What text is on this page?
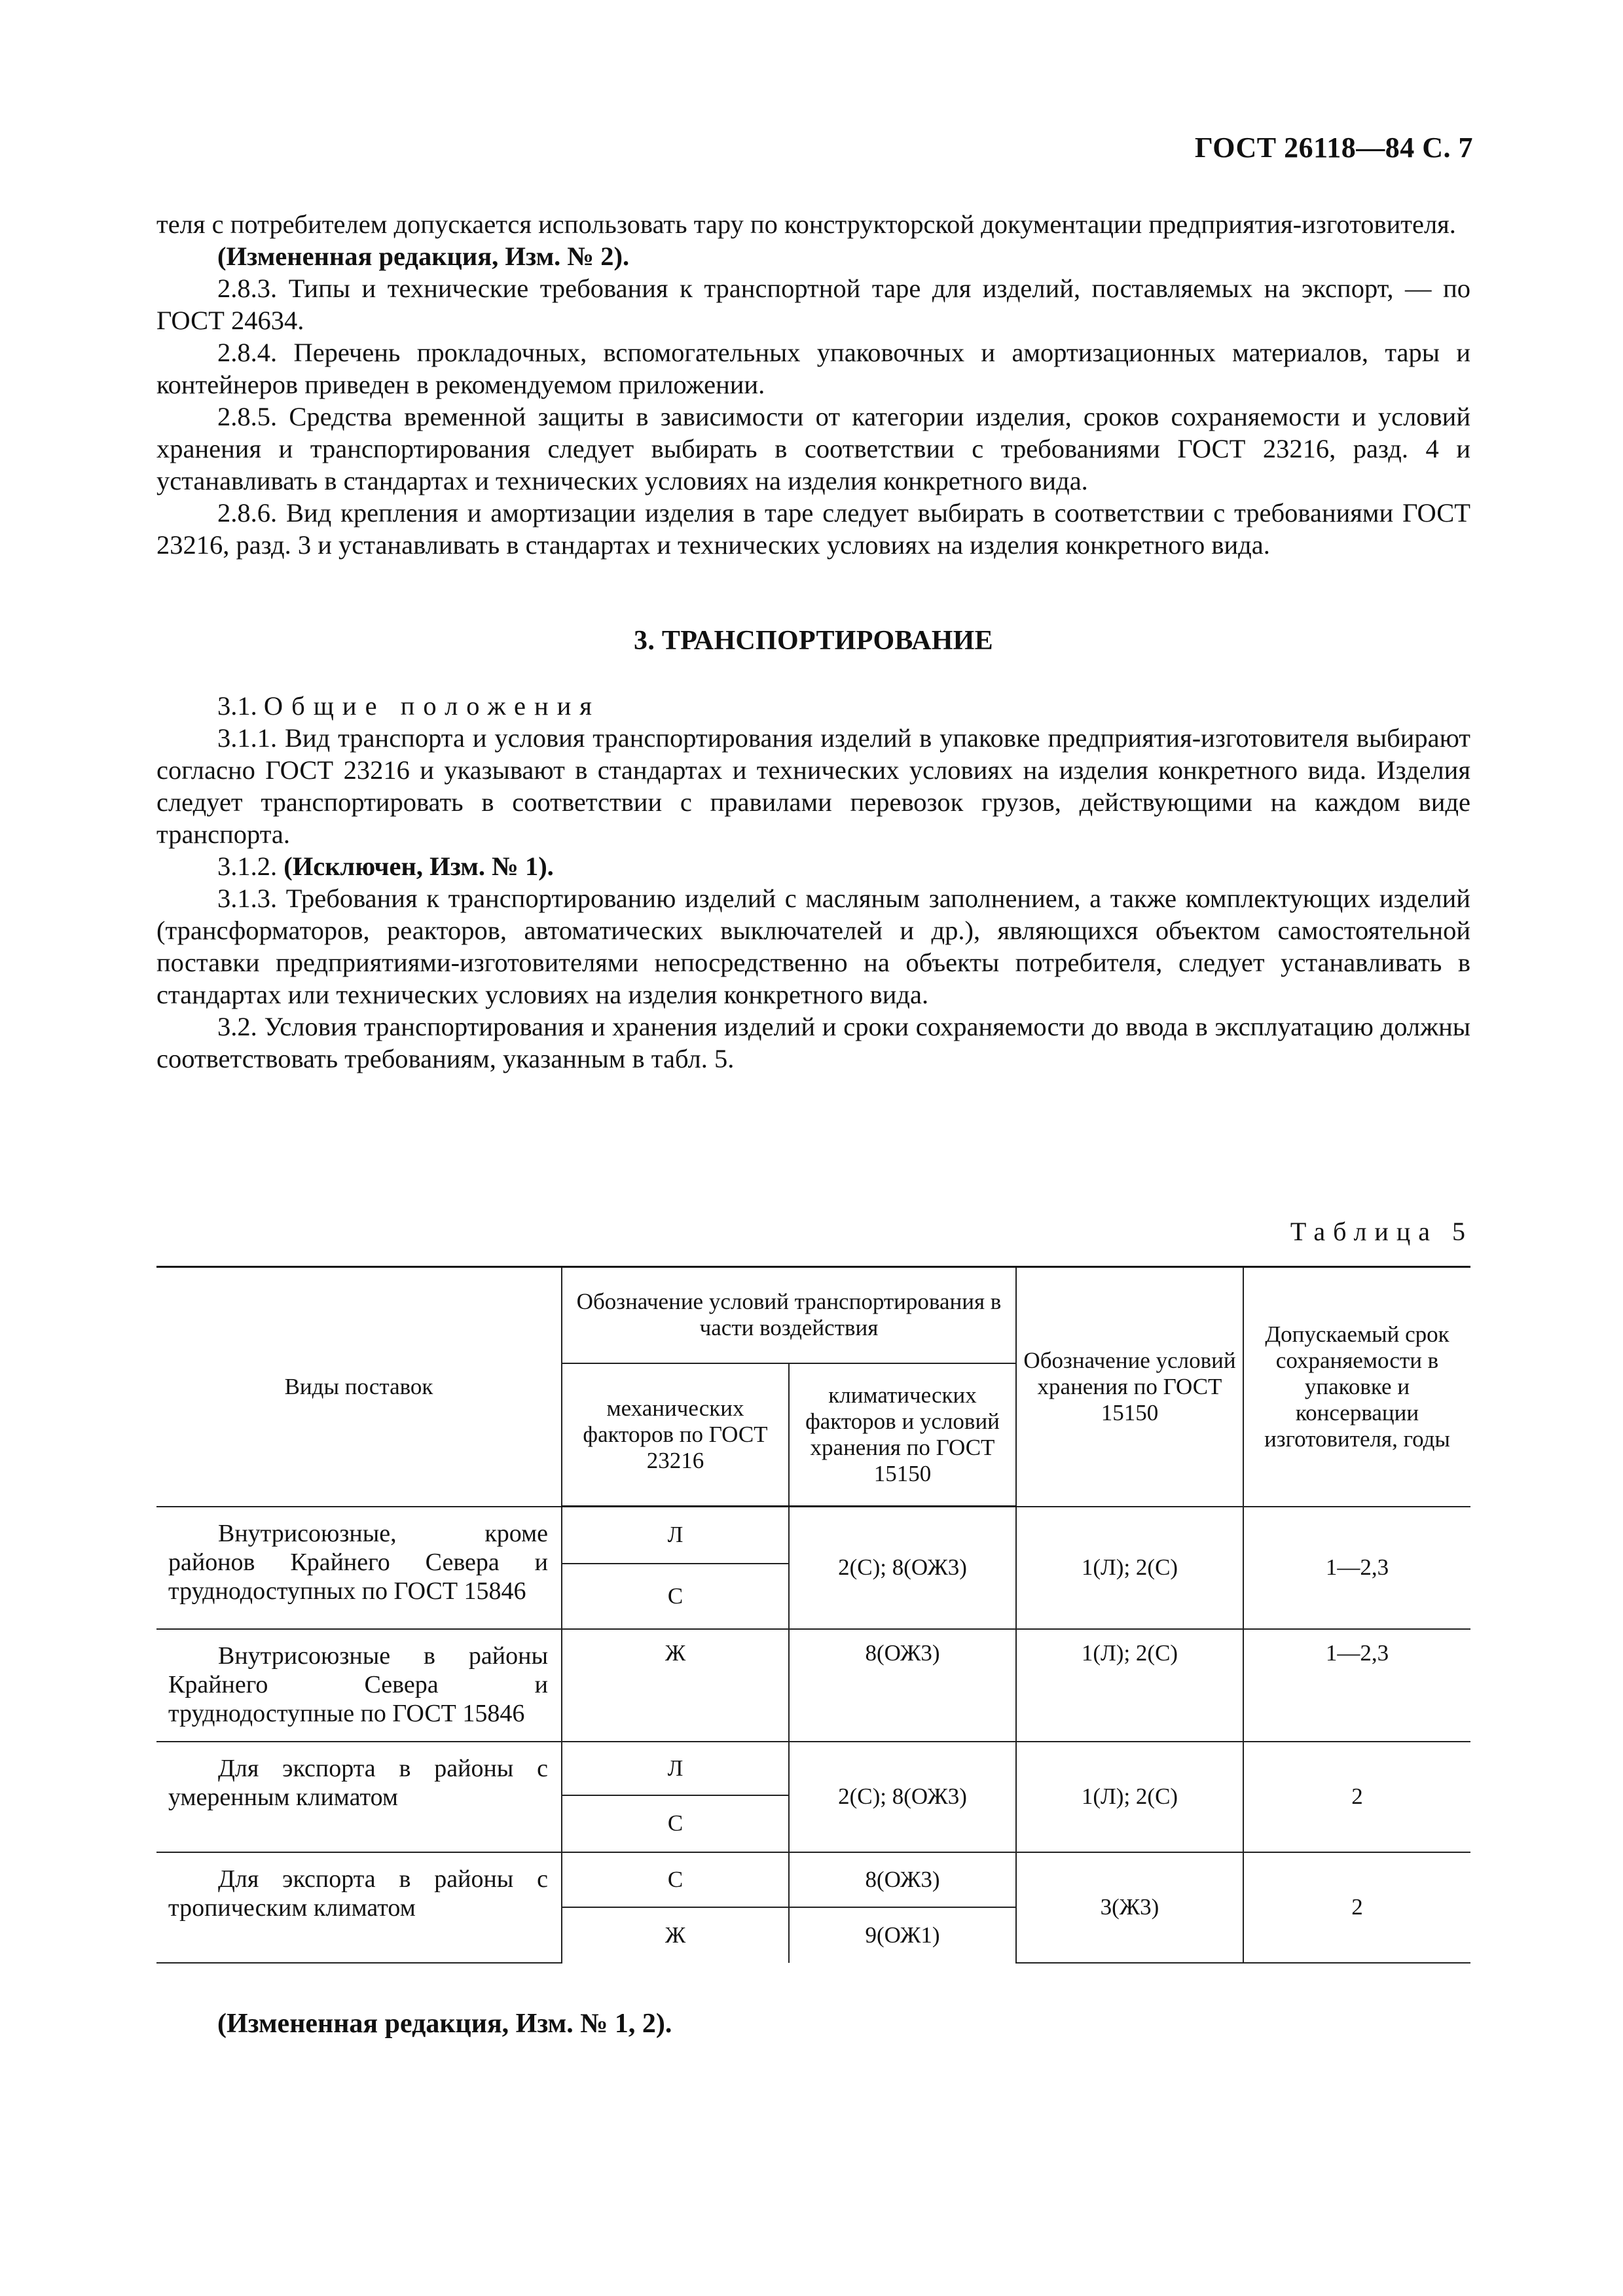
ГОСТ 26118—84 С. 7

теля с потребителем допускается использовать тару по конструкторской документации предприятия-изготовителя.

(Измененная редакция, Изм. № 2).

2.8.3. Типы и технические требования к транспортной таре для изделий, поставляемых на экспорт, — по ГОСТ 24634.

2.8.4. Перечень прокладочных, вспомогательных упаковочных и амортизационных материалов, тары и контейнеров приведен в рекомендуемом приложении.

2.8.5. Средства временной защиты в зависимости от категории изделия, сроков сохраняемости и условий хранения и транспортирования следует выбирать в соответствии с требованиями ГОСТ 23216, разд. 4 и устанавливать в стандартах и технических условиях на изделия конкретного вида.

2.8.6. Вид крепления и амортизации изделия в таре следует выбирать в соответствии с требованиями ГОСТ 23216, разд. 3 и устанавливать в стандартах и технических условиях на изделия конкретного вида.

3. ТРАНСПОРТИРОВАНИЕ

3.1. Общие положения

3.1.1. Вид транспорта и условия транспортирования изделий в упаковке предприятия-изготовителя выбирают согласно ГОСТ 23216 и указывают в стандартах и технических условиях на изделия конкретного вида. Изделия следует транспортировать в соответствии с правилами перевозок грузов, действующими на каждом виде транспорта.

3.1.2. (Исключен, Изм. № 1).

3.1.3. Требования к транспортированию изделий с масляным заполнением, а также комплектующих изделий (трансформаторов, реакторов, автоматических выключателей и др.), являющихся объектом самостоятельной поставки предприятиями-изготовителями непосредственно на объекты потребителя, следует устанавливать в стандартах или технических условиях на изделия конкретного вида.

3.2. Условия транспортирования и хранения изделий и сроки сохраняемости до ввода в эксплуатацию должны соответствовать требованиям, указанным в табл. 5.

Таблица 5
Виды поставок	Обозначение условий транспортирования в части воздействия		Обозначение условий хранения по ГОСТ 15150	Допускаемый срок сохраняемости в упаковке и консервации изготовителя, годы
	механических факторов по ГОСТ 23216	климатических факторов и условий хранения по ГОСТ 15150		
Внутрисоюзные, кроме районов Крайнего Севера и труднодоступных по ГОСТ 15846	Л	2(С); 8(ОЖ3)	1(Л); 2(С)	1—2,3
	С			
Внутрисоюзные в районы Крайнего Севера и труднодоступные по ГОСТ 15846	Ж	8(ОЖ3)	1(Л); 2(С)	1—2,3
Для экспорта в районы с умеренным климатом	Л	2(С); 8(ОЖ3)	1(Л); 2(С)	2
	С			
Для экспорта в районы с тропическим климатом	С	8(ОЖ3)	3(Ж3)	2
	Ж	9(ОЖ1)		
(Измененная редакция, Изм. № 1, 2).
